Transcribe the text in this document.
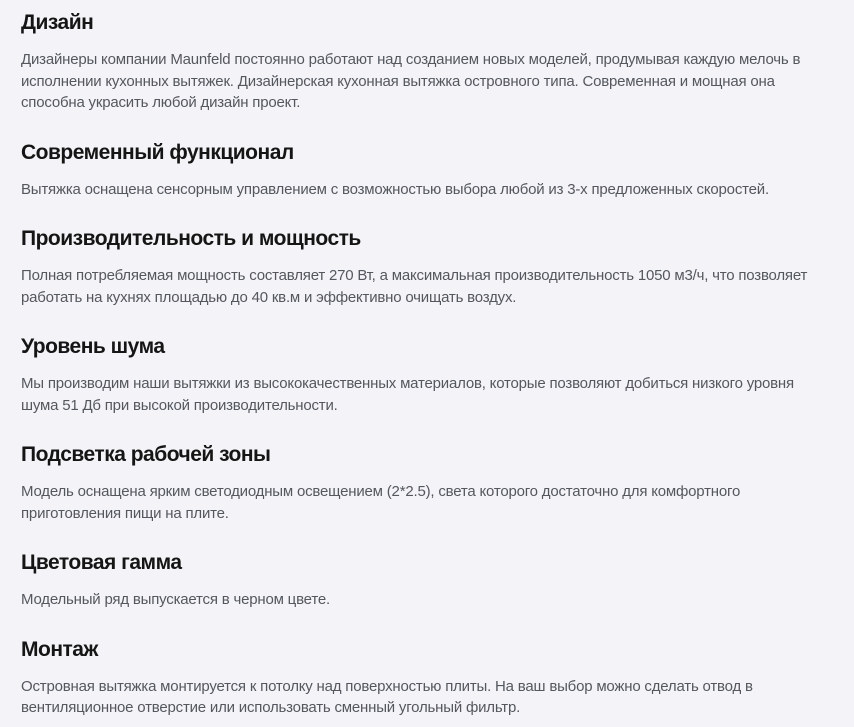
Дизайн

Дизайнеры компании Maunfeld постоянно работают над созданием новых моделей, продумывая каждую мелочь в исполнении кухонных вытяжек. Дизайнерская кухонная вытяжка островного типа. Современная и мощная она способна украсить любой дизайн проект.

Современный функционал

Вытяжка оснащена сенсорным управлением с возможностью выбора любой из 3-х предложенных скоростей.

Производительность и мощность

Полная потребляемая мощность составляет 270 Вт, а максимальная производительность 1050 м3/ч, что позволяет работать на кухнях площадью до 40 кв.м и эффективно очищать воздух.

Уровень шума

Мы производим наши вытяжки из высококачественных материалов, которые позволяют добиться низкого уровня шума 51 Дб при высокой производительности.

Подсветка рабочей зоны

Модель оснащена ярким светодиодным освещением (2*2.5), света которого достаточно для комфортного приготовления пищи на плите.

Цветовая гамма

Модельный ряд выпускается в черном цвете.

Монтаж

Островная вытяжка монтируется к потолку над поверхностью плиты. На ваш выбор можно сделать отвод в вентиляционное отверстие или использовать сменный угольный фильтр.
